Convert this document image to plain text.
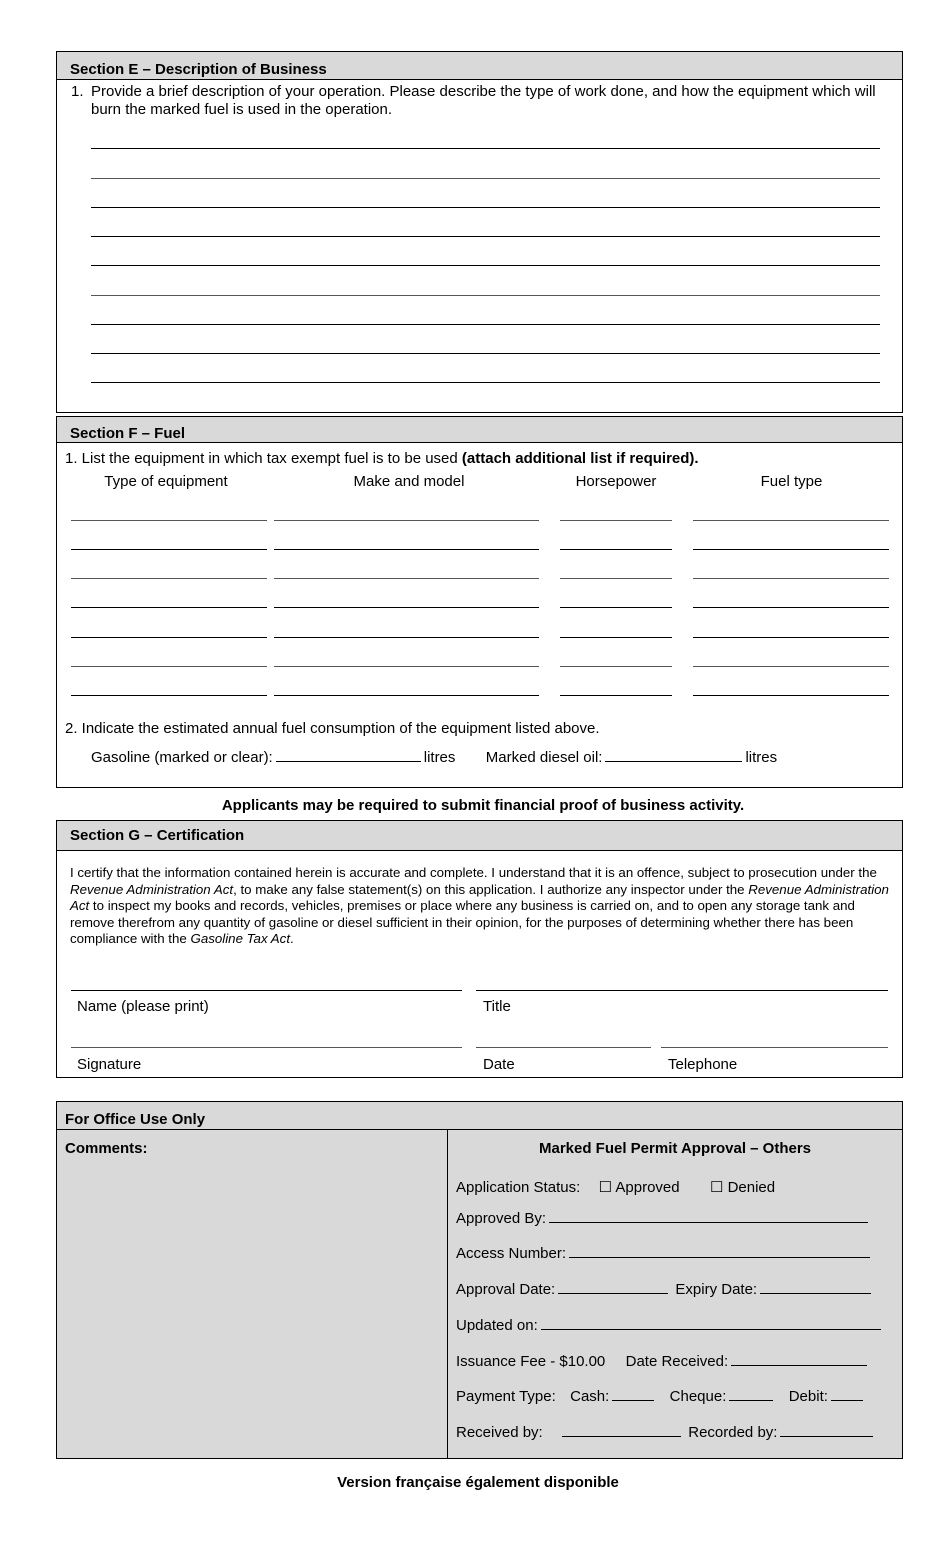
Section E – Description of Business
1. Provide a brief description of your operation. Please describe the type of work done, and how the equipment which will burn the marked fuel is used in the operation.
Section F – Fuel
1. List the equipment in which tax exempt fuel is to be used (attach additional list if required).
Type of equipment	Make and model	Horsepower	Fuel type
2. Indicate the estimated annual fuel consumption of the equipment listed above.
Gasoline (marked or clear):	litres Marked diesel oil:	litres
Applicants may be required to submit financial proof of business activity.
Section G – Certification
I certify that the information contained herein is accurate and complete. I understand that it is an offence, subject to prosecution under the Revenue Administration Act, to make any false statement(s) on this application. I authorize any inspector under the Revenue Administration Act to inspect my books and records, vehicles, premises or place where any business is carried on, and to open any storage tank and remove therefrom any quantity of gasoline or diesel sufficient in their opinion, for the purposes of determining whether there has been compliance with the Gasoline Tax Act.
Name (please print)	Title
Signature	Date	Telephone
For Office Use Only
Comments:	Marked Fuel Permit Approval – Others
Application Status: ☐ Approved ☐ Denied
Approved By:
Access Number:
Approval Date:	Expiry Date:
Updated on:
Issuance Fee - $10.00 Date Received:
Payment Type: Cash:	Cheque:	Debit:
Received by:	Recorded by:
Version française également disponible
